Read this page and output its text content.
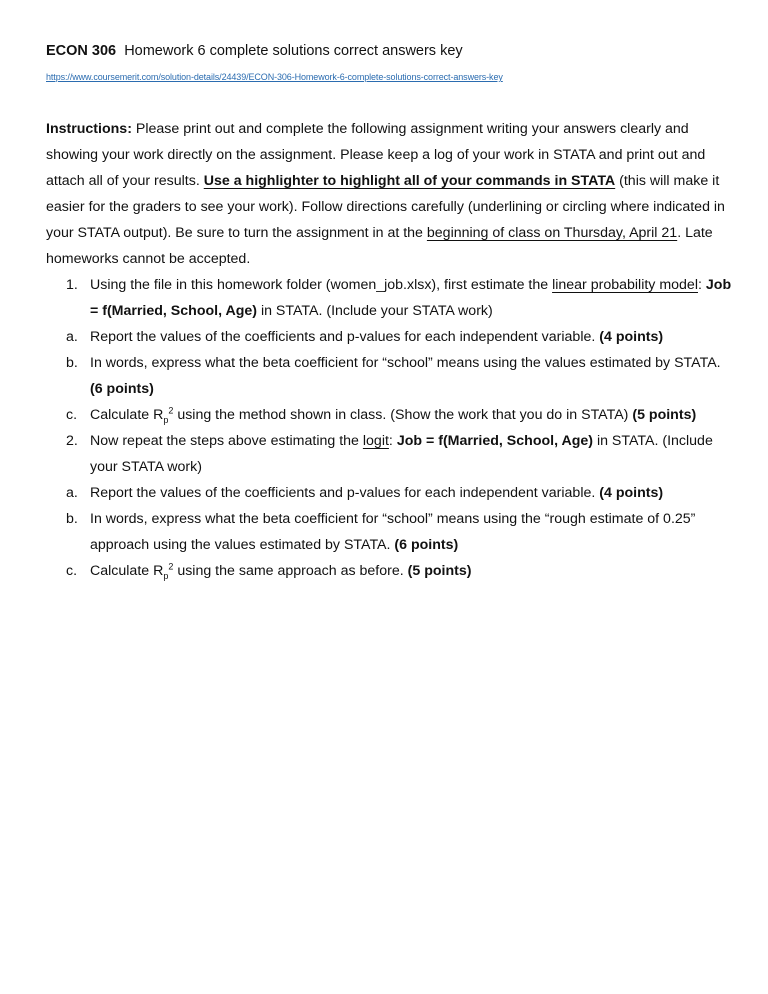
ECON 306 Homework 6 complete solutions correct answers key
https://www.coursemerit.com/solution-details/24439/ECON-306-Homework-6-complete-solutions-correct-answers-key
Instructions: Please print out and complete the following assignment writing your answers clearly and showing your work directly on the assignment. Please keep a log of your work in STATA and print out and attach all of your results. Use a highlighter to highlight all of your commands in STATA (this will make it easier for the graders to see your work). Follow directions carefully (underlining or circling where indicated in your STATA output). Be sure to turn the assignment in at the beginning of class on Thursday, April 21. Late homeworks cannot be accepted.
1. Using the file in this homework folder (women_job.xlsx), first estimate the linear probability model: Job = f(Married, School, Age) in STATA. (Include your STATA work)
a. Report the values of the coefficients and p-values for each independent variable. (4 points)
b. In words, express what the beta coefficient for “school” means using the values estimated by STATA. (6 points)
c. Calculate $R_p^2$ using the method shown in class. (Show the work that you do in STATA) (5 points)
2. Now repeat the steps above estimating the logit: Job = f(Married, School, Age) in STATA. (Include your STATA work)
a. Report the values of the coefficients and p-values for each independent variable. (4 points)
b. In words, express what the beta coefficient for “school” means using the “rough estimate of 0.25” approach using the values estimated by STATA. (6 points)
c. Calculate $R_p^2$ using the same approach as before. (5 points)
